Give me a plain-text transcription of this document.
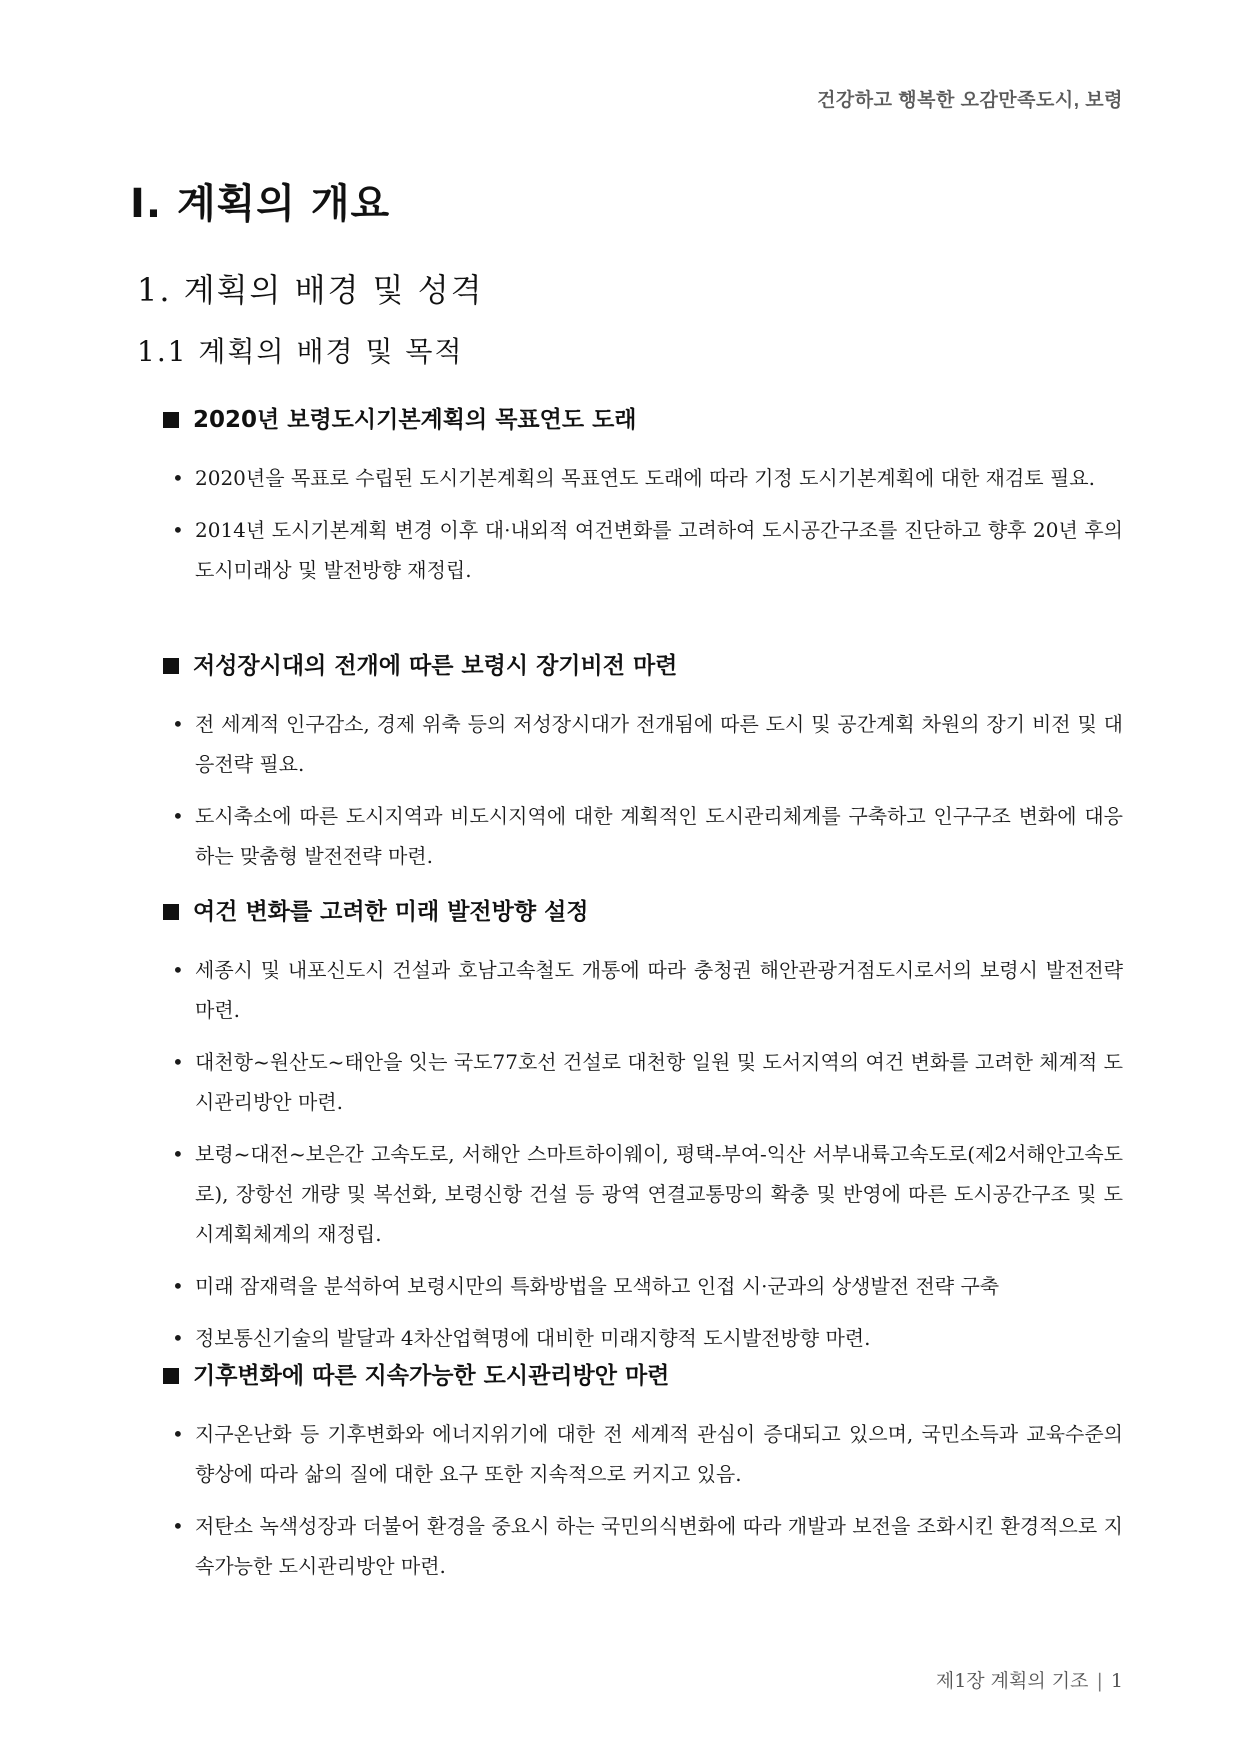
건강하고 행복한 오감만족도시, 보령
Ⅰ. 계획의 개요
1. 계획의 배경 및 성격
1.1 계획의 배경 및 목적
2020년 보령도시기본계획의 목표연도 도래
• 2020년을 목표로 수립된 도시기본계획의 목표연도 도래에 따라 기정 도시기본계획에 대한 재검토 필요.
• 2014년 도시기본계획 변경 이후 대·내외적 여건변화를 고려하여 도시공간구조를 진단하고 향후 20년 후의 도시미래상 및 발전방향 재정립.
저성장시대의 전개에 따른 보령시 장기비전 마련
• 전 세계적 인구감소, 경제 위축 등의 저성장시대가 전개됨에 따른 도시 및 공간계획 차원의 장기 비전 및 대응전략 필요.
• 도시축소에 따른 도시지역과 비도시지역에 대한 계획적인 도시관리체계를 구축하고 인구구조 변화에 대응하는 맞춤형 발전전략 마련.
여건 변화를 고려한 미래 발전방향 설정
• 세종시 및 내포신도시 건설과 호남고속철도 개통에 따라 충청권 해안관광거점도시로서의 보령시 발전전략 마련.
• 대천항~원산도~태안을 잇는 국도77호선 건설로 대천항 일원 및 도서지역의 여건 변화를 고려한 체계적 도시관리방안 마련.
• 보령~대전~보은간 고속도로, 서해안 스마트하이웨이, 평택-부여-익산 서부내륙고속도로(제2서해안고속도로), 장항선 개량 및 복선화, 보령신항 건설 등 광역 연결교통망의 확충 및 반영에 따른 도시공간구조 및 도시계획체계의 재정립.
• 미래 잠재력을 분석하여 보령시만의 특화방법을 모색하고 인접 시·군과의 상생발전 전략 구축
• 정보통신기술의 발달과 4차산업혁명에 대비한 미래지향적 도시발전방향 마련.
기후변화에 따른 지속가능한 도시관리방안 마련
• 지구온난화 등 기후변화와 에너지위기에 대한 전 세계적 관심이 증대되고 있으며, 국민소득과 교육수준의 향상에 따라 삶의 질에 대한 요구 또한 지속적으로 커지고 있음.
• 저탄소 녹색성장과 더불어 환경을 중요시 하는 국민의식변화에 따라 개발과 보전을 조화시킨 환경적으로 지속가능한 도시관리방안 마련.
제1장 계획의 기조 | 1
